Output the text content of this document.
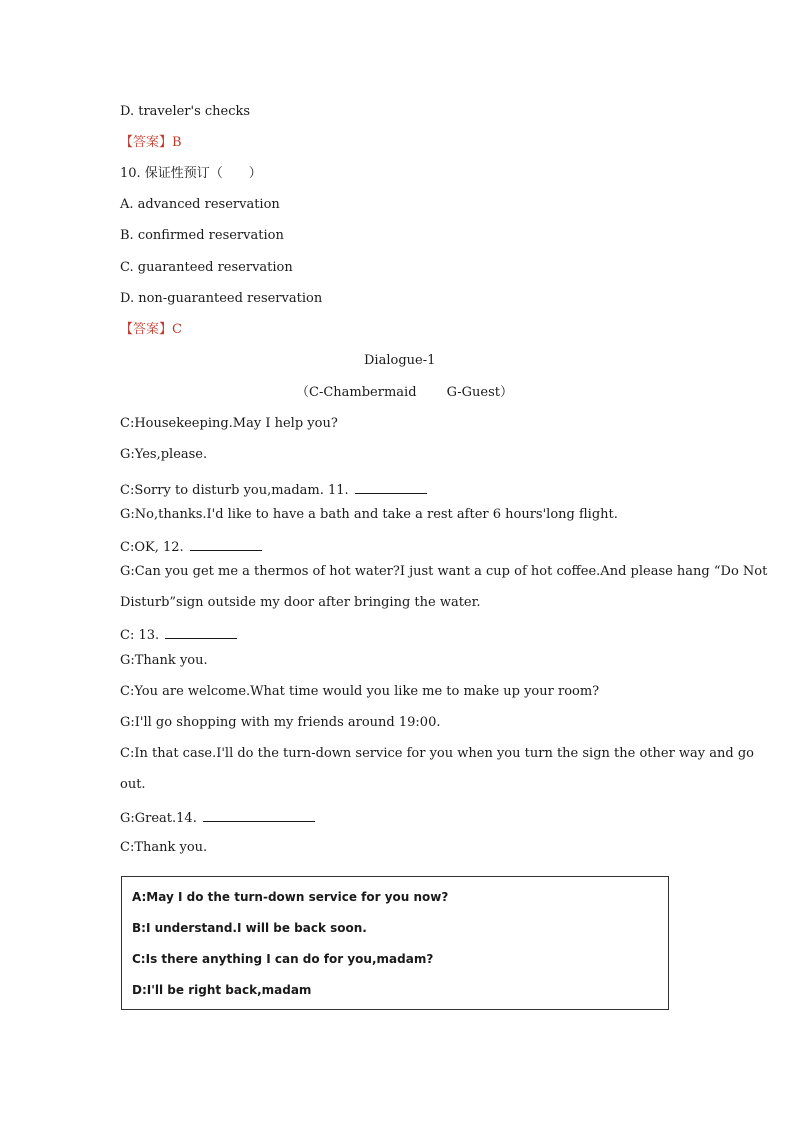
D. traveler's checks
【答案】B
10. 保证性预订（　　）
A. advanced reservation
B. confirmed reservation
C. guaranteed reservation
D. non-guaranteed reservation
【答案】C
Dialogue-1
（C-Chambermaid　　 G-Guest）
C:Housekeeping.May I help you?
G:Yes,please.
C:Sorry to disturb you,madam. 11.
G:No,thanks.I'd like to have a bath and take a rest after 6 hours'long flight.
C:OK, 12.
G:Can you get me a thermos of hot water?I just want a cup of hot coffee.And please hang “Do Not
Disturb”sign outside my door after bringing the water.
C: 13.
G:Thank you.
C:You are welcome.What time would you like me to make up your room?
G:I'll go shopping with my friends around 19:00.
C:In that case.I'll do the turn-down service for you when you turn the sign the other way and go
out.
G:Great.14.
C:Thank you.
A:May I do the turn-down service for you now?
B:I understand.I will be back soon.
C:Is there anything I can do for you,madam?
D:I'll be right back,madam
